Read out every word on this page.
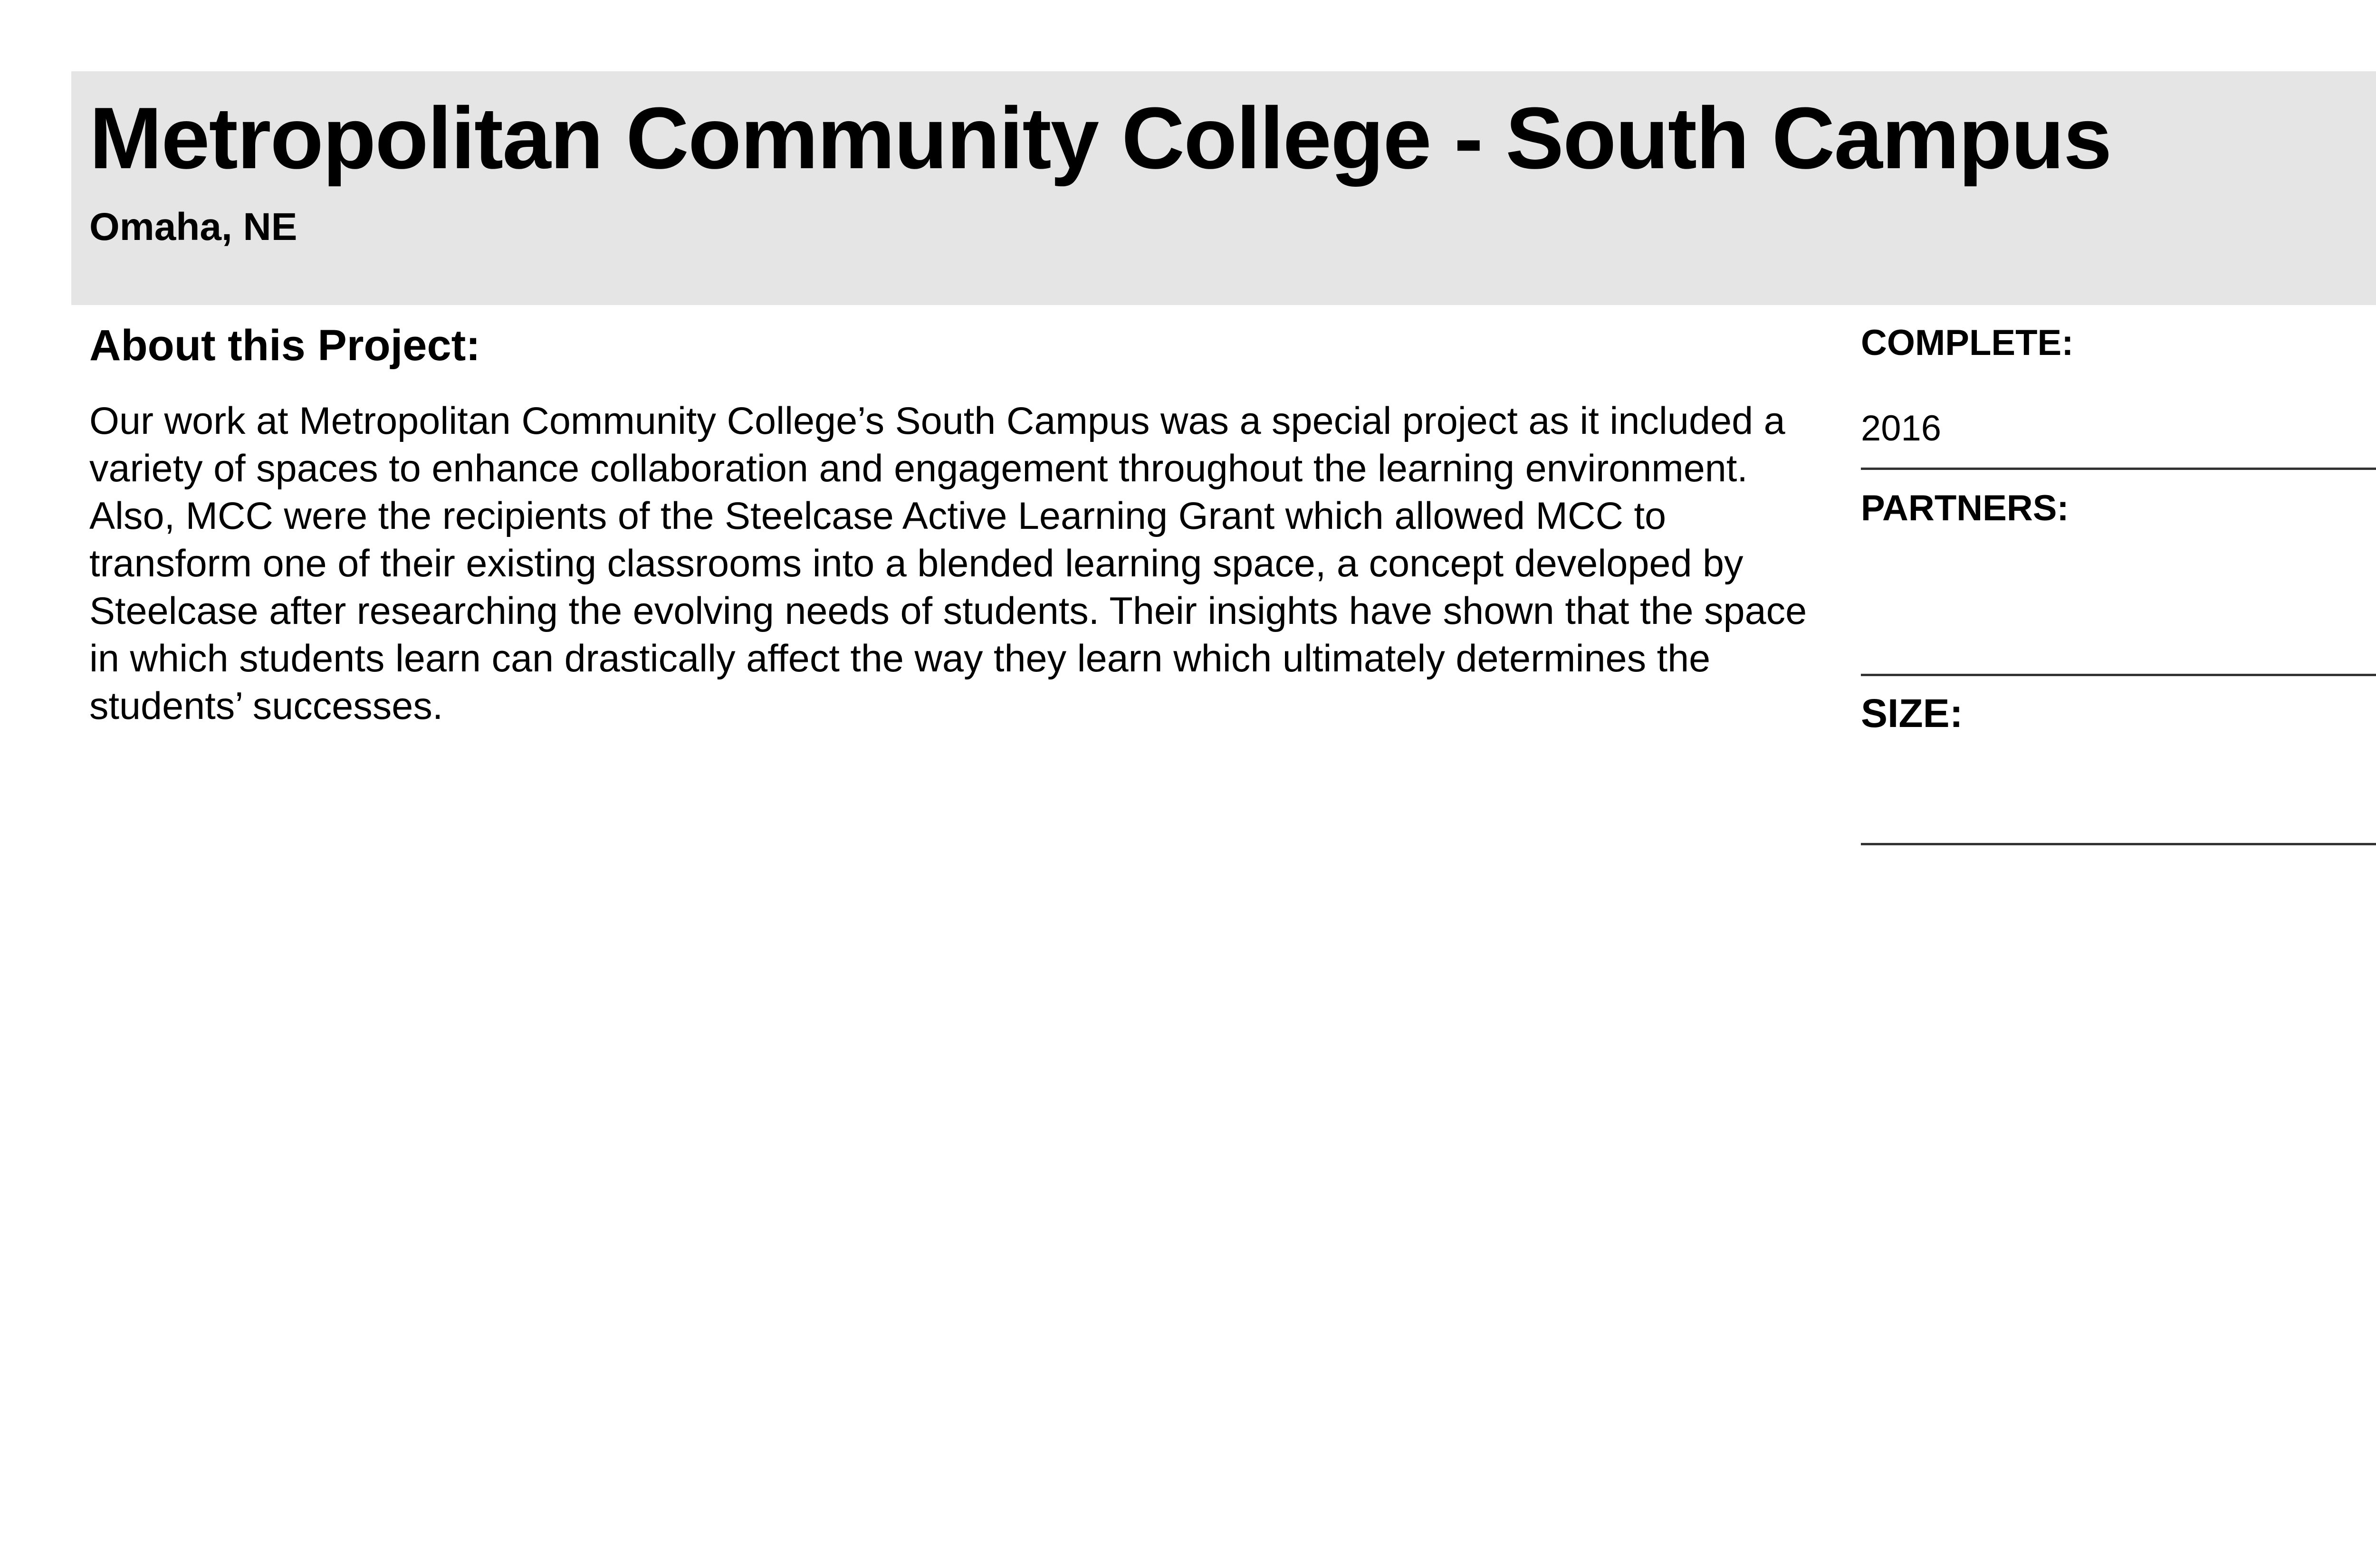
Metropolitan Community College - South Campus

Omaha, NE

About this Project:

Our work at Metropolitan Community College’s South Campus was a special project as it included a variety of spaces to enhance collaboration and engagement throughout the learning environment. Also, MCC were the recipients of the Steelcase Active Learning Grant which allowed MCC to transform one of their existing classrooms into a blended learning space, a concept developed by Steelcase after researching the evolving needs of students. Their insights have shown that the space in which students learn can drastically affect the way they learn which ultimately determines the students’ successes.

COMPLETE:
2016
PARTNERS:
SIZE:
